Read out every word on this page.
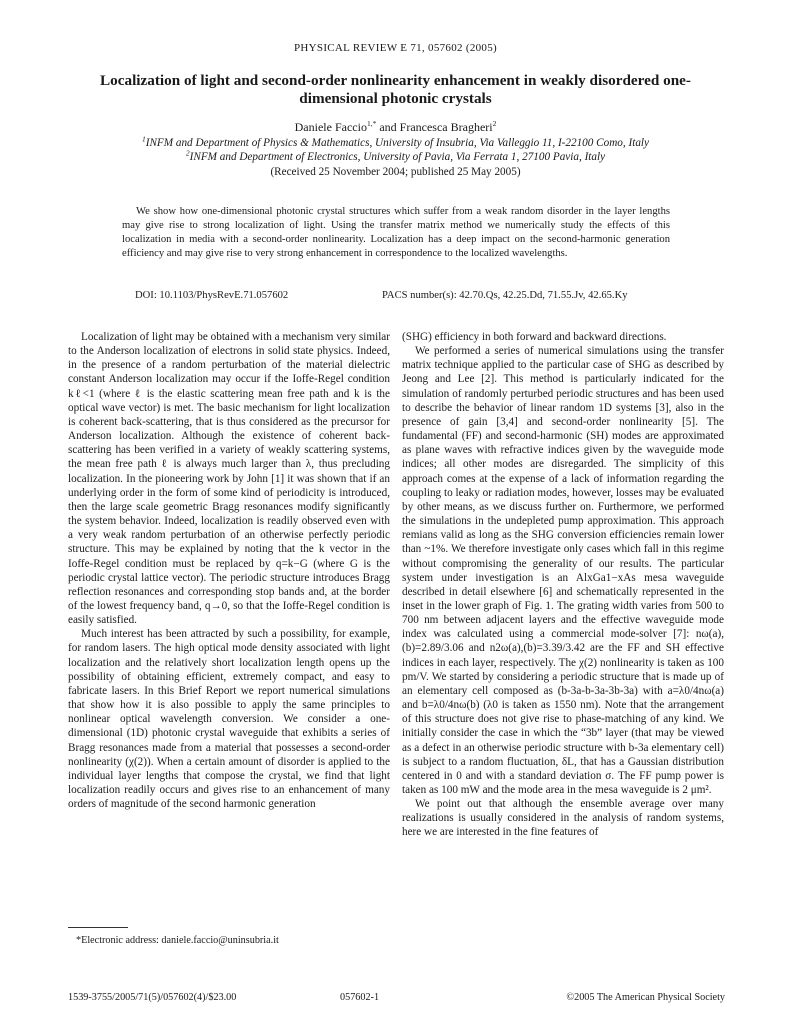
PHYSICAL REVIEW E 71, 057602 (2005)
Localization of light and second-order nonlinearity enhancement in weakly disordered one-dimensional photonic crystals
Daniele Faccio$^{1,*}$ and Francesca Bragheri$^2$
$^1$INFM and Department of Physics & Mathematics, University of Insubria, Via Valleggio 11, I-22100 Como, Italy
$^2$INFM and Department of Electronics, University of Pavia, Via Ferrata 1, 27100 Pavia, Italy
(Received 25 November 2004; published 25 May 2005)
We show how one-dimensional photonic crystal structures which suffer from a weak random disorder in the layer lengths may give rise to strong localization of light. Using the transfer matrix method we numerically study the effects of this localization in media with a second-order nonlinearity. Localization has a deep impact on the second-harmonic generation efficiency and may give rise to very strong enhancement in correspondence to the localized wavelengths.
DOI: 10.1103/PhysRevE.71.057602	PACS number(s): 42.70.Qs, 42.25.Dd, 71.55.Jv, 42.65.Ky

Localization of light may be obtained with a mechanism very similar to the Anderson localization of electrons in solid state physics. Indeed, in the presence of a random perturbation of the material dielectric constant Anderson localization may occur if the Ioffe-Regel condition kℓ<1 (where ℓ is the elastic scattering mean free path and k is the optical wave vector) is met. The basic mechanism for light localization is coherent back-scattering, that is thus considered as the precursor for Anderson localization. Although the existence of coherent back-scattering has been verified in a variety of weakly scattering systems, the mean free path ℓ is always much larger than λ, thus precluding localization. In the pioneering work by John [1] it was shown that if an underlying order in the form of some kind of periodicity is introduced, then the large scale geometric Bragg resonances modify significantly the system behavior. Indeed, localization is readily observed even with a very weak random perturbation of an otherwise perfectly periodic structure. This may be explained by noting that the k vector in the Ioffe-Regel condition must be replaced by q=k−G (where G is the periodic crystal lattice vector). The periodic structure introduces Bragg reflection resonances and corresponding stop bands and, at the border of the lowest frequency band, q→0, so that the Ioffe-Regel condition is easily satisfied.

Much interest has been attracted by such a possibility, for example, for random lasers. The high optical mode density associated with light localization and the relatively short localization length opens up the possibility of obtaining efficient, extremely compact, and easy to fabricate lasers. In this Brief Report we report numerical simulations that show how it is also possible to apply the same principles to nonlinear optical wavelength conversion. We consider a one-dimensional (1D) photonic crystal waveguide that exhibits a series of Bragg resonances made from a material that possesses a second-order nonlinearity (χ(2)). When a certain amount of disorder is applied to the individual layer lengths that compose the crystal, we find that light localization readily occurs and gives rise to an enhancement of many orders of magnitude of the second harmonic generation

(SHG) efficiency in both forward and backward directions.

We performed a series of numerical simulations using the transfer matrix technique applied to the particular case of SHG as described by Jeong and Lee [2]. This method is particularly indicated for the simulation of randomly perturbed periodic structures and has been used to describe the behavior of linear random 1D systems [3], also in the presence of gain [3,4] and second-order nonlinearity [5]. The fundamental (FF) and second-harmonic (SH) modes are approximated as plane waves with refractive indices given by the waveguide mode indices; all other modes are disregarded. The simplicity of this approach comes at the expense of a lack of information regarding the coupling to leaky or radiation modes, however, losses may be evaluated by other means, as we discuss further on. Furthermore, we performed the simulations in the undepleted pump approximation. This approach remians valid as long as the SHG conversion efficiencies remain lower than ~1%. We therefore investigate only cases which fall in this regime without compromising the generality of our results. The particular system under investigation is an AlxGa1−xAs mesa waveguide described in detail elsewhere [6] and schematically represented in the inset in the lower graph of Fig. 1. The grating width varies from 500 to 700 nm between adjacent layers and the effective waveguide mode index was calculated using a commercial mode-solver [7]: nω(a),(b)=2.89/3.06 and n2ω(a),(b)=3.39/3.42 are the FF and SH effective indices in each layer, respectively. The χ(2) nonlinearity is taken as 100 pm/V. We started by considering a periodic structure that is made up of an elementary cell composed as (b-3a-b-3a-3b-3a) with a=λ0/4nω(a) and b=λ0/4nω(b) (λ0 is taken as 1550 nm). Note that the arrangement of this structure does not give rise to phase-matching of any kind. We initially consider the case in which the “3b” layer (that may be viewed as a defect in an otherwise periodic structure with b-3a elementary cell) is subject to a random fluctuation, δL, that has a Gaussian distribution centered in 0 and with a standard deviation σ. The FF pump power is taken as 100 mW and the mode area in the mesa waveguide is 2 μm².

We point out that although the ensemble average over many realizations is usually considered in the analysis of random systems, here we are interested in the fine features of

*Electronic address: daniele.faccio@uninsubria.it
1539-3755/2005/71(5)/057602(4)/$23.00	057602-1	©2005 The American Physical Society
